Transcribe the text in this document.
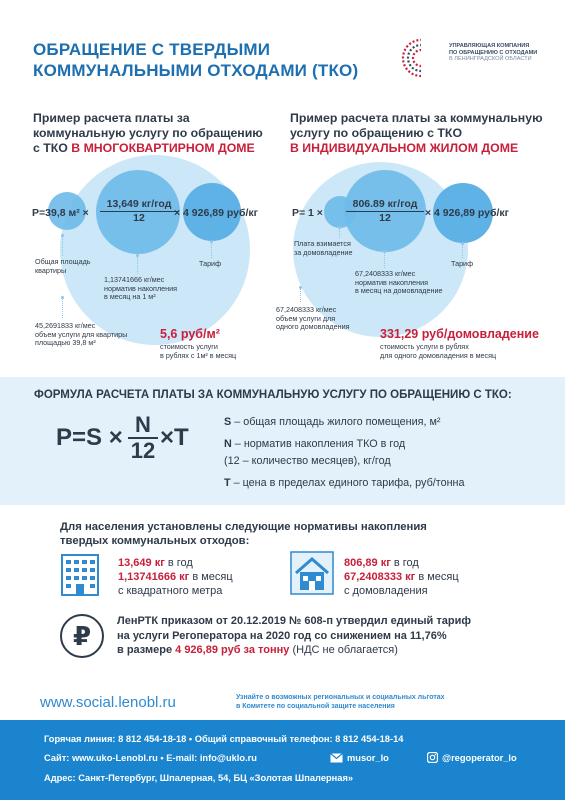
ОБРАЩЕНИЕ С ТВЕРДЫМИ
КОММУНАЛЬНЫМИ ОТХОДАМИ (ТКО)
УПРАВЛЯЮЩАЯ КОМПАНИЯ
ПО ОБРАЩЕНИЮ С ОТХОДАМИ
В ЛЕНИНГРАДСКОЙ ОБЛАСТИ
Пример расчета платы за
коммунальную услугу по обращению
с ТКО В МНОГОКВАРТИРНОМ ДОМЕ
P=39,8 м² ×
13,649 кг/год
12	× 4 926,89 руб/кг
Общая площадь
квартиры
Тариф
1,13741666 кг/мес
норматив накопления
в месяц на 1 м²
45,2691833 кг/мес
объем услуги для квартиры
площадью 39,8 м²
5,6 руб/м²
стоимость услуги
в рублях с 1м² в месяц
Пример расчета платы за коммунальную
услугу по обращению с ТКО
В ИНДИВИДУАЛЬНОМ ЖИЛОМ ДОМЕ
P= 1 ×
806.89 кг/год
12	× 4 926,89 руб/кг
Плата взимается
за домовладение
Тариф
67,2408333 кг/мес
норматив накопления
в месяц на домовладение
67,2408333 кг/мес
объем услуги для
одного домовладения
331,29 руб/домовладение
стоимость услуги в рублях
для одного домовладения в месяц
ФОРМУЛА РАСЧЕТА ПЛАТЫ ЗА КОММУНАЛЬНУЮ УСЛУГУ ПО ОБРАЩЕНИЮ С ТКО:
P=S × N
12 ×T
S – общая площадь жилого помещения, м²
N – норматив накопления ТКО в год
(12 – количество месяцев), кг/год
T – цена в пределах единого тарифа, руб/тонна
Для населения установлены следующие нормативы накопления
твердых коммунальных отходов:
13,649 кг в год
1,13741666 кг в месяц
с квадратного метра
806,89 кг в год
67,2408333 кг в месяц
с домовладения
₽	ЛенРТК приказом от 20.12.2019 № 608-п утвердил единый тариф
на услуги Регоператора на 2020 год со снижением на 11,76%
в размере 4 926,89 руб за тонну (НДС не облагается)
www.social.lenobl.ru	Узнайте о возможных региональных и социальных льготах
в Комитете по социальной защите населения
Горячая линия: 8 812 454-18-18 • Общий справочный телефон: 8 812 454-18-14
Сайт: www.uko-Lenobl.ru • E-mail: info@uklo.ru	musor_lo	@regoperator_lo
Адрес: Санкт-Петербург, Шпалерная, 54, БЦ «Золотая Шпалерная»
